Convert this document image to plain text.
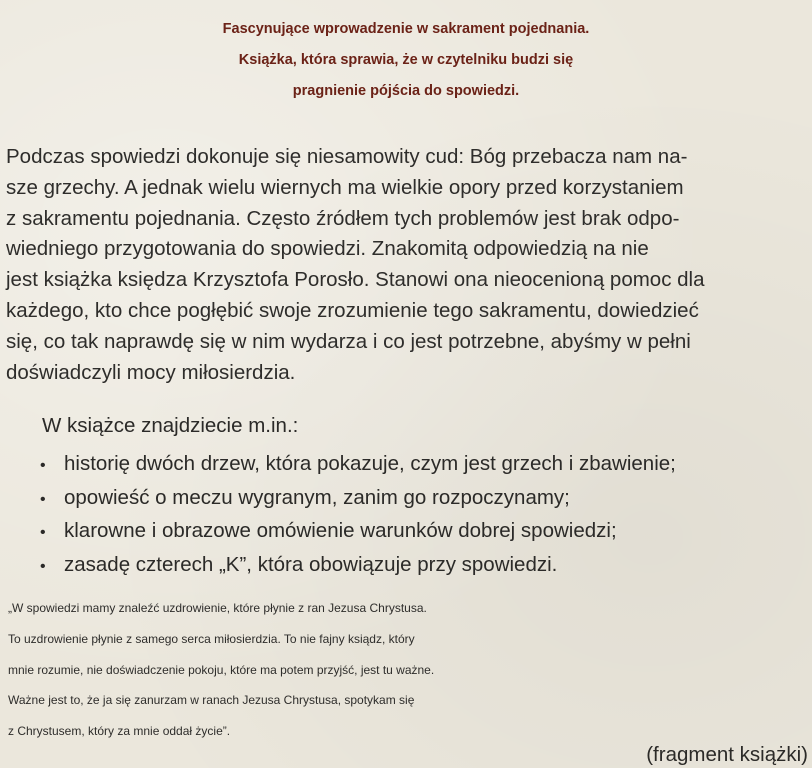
Fascynujące wprowadzenie w sakrament pojednania.
Książka, która sprawia, że w czytelniku budzi się
pragnienie pójścia do spowiedzi.
Podczas spowiedzi dokonuje się niesamowity cud: Bóg przebacza nam na-
sze grzechy. A jednak wielu wiernych ma wielkie opory przed korzystaniem
z sakramentu pojednania. Często źródłem tych problemów jest brak odpo-
wiedniego przygotowania do spowiedzi. Znakomitą odpowiedzią na nie
jest książka księdza Krzysztofa Porosło. Stanowi ona nieocenioną pomoc dla
każdego, kto chce pogłębić swoje zrozumienie tego sakramentu, dowiedzieć
się, co tak naprawdę się w nim wydarza i co jest potrzebne, abyśmy w pełni
doświadczyli mocy miłosierdzia.
W książce znajdziecie m.in.:
• historię dwóch drzew, która pokazuje, czym jest grzech i zbawienie;
• opowieść o meczu wygranym, zanim go rozpoczynamy;
• klarowne i obrazowe omówienie warunków dobrej spowiedzi;
• zasadę czterech „K”, która obowiązuje przy spowiedzi.
„W spowiedzi mamy znaleźć uzdrowienie, które płynie z ran Jezusa Chrystusa.
To uzdrowienie płynie z samego serca miłosierdzia. To nie fajny ksiądz, który
mnie rozumie, nie doświadczenie pokoju, które ma potem przyjść, jest tu ważne.
Ważne jest to, że ja się zanurzam w ranach Jezusa Chrystusa, spotykam się
z Chrystusem, który za mnie oddał życie”.
(fragment książki)
